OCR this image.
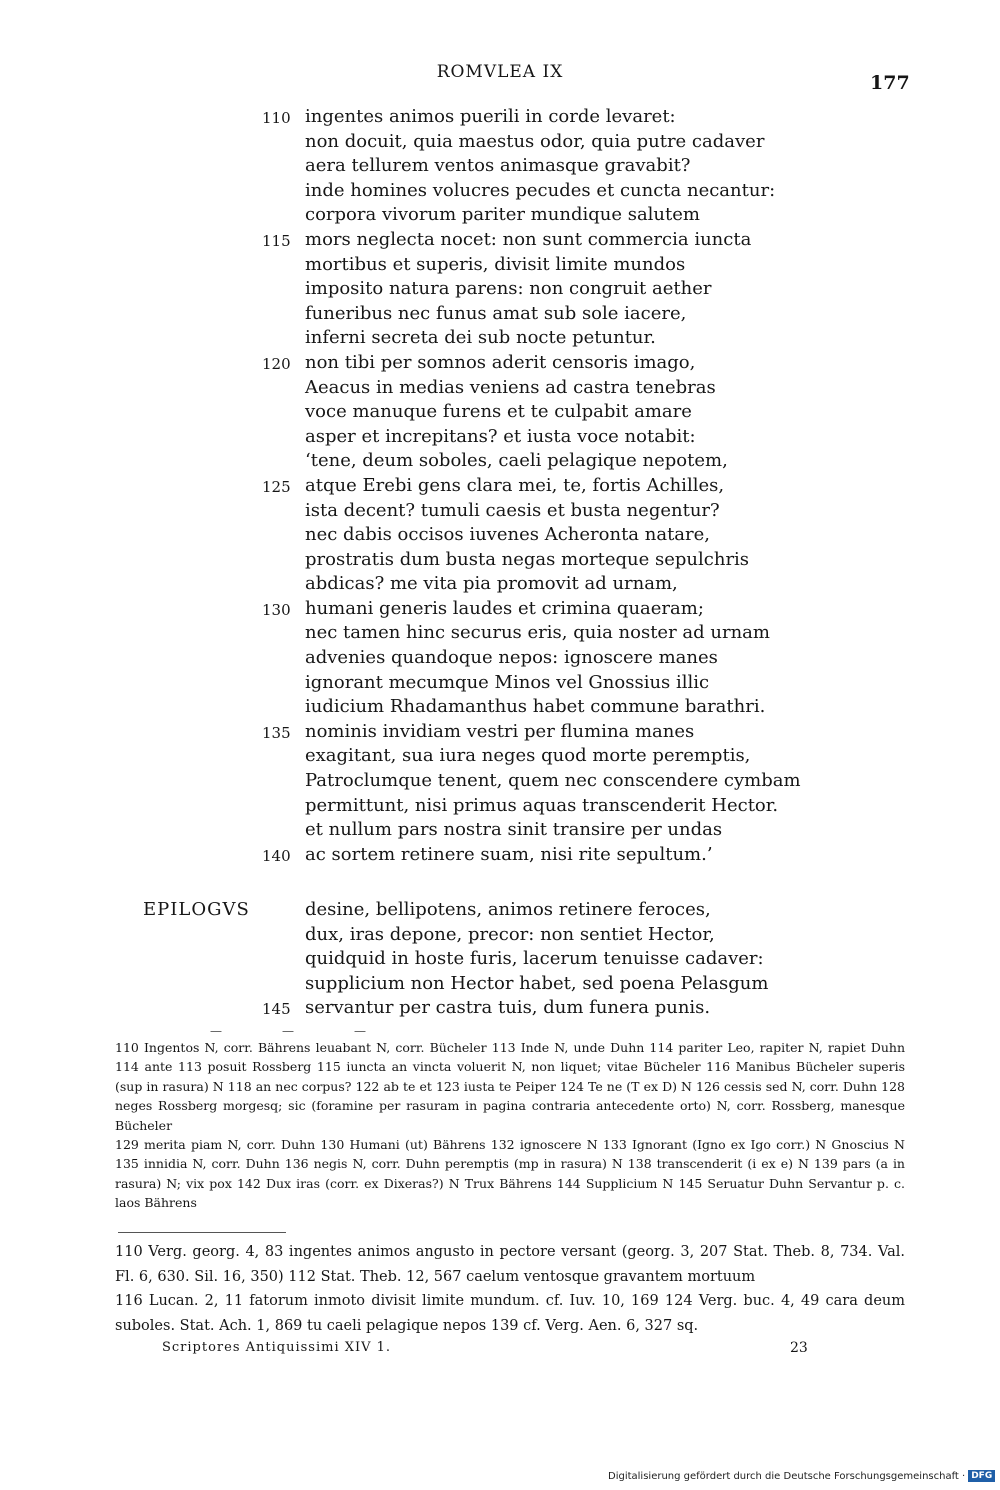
ROMVLEA IX	177
110 ingentes animos puerili in corde levaret:
non docuit, quia maestus odor, quia putre cadaver
aera tellurem ventos animasque gravabit?
inde homines volucres pecudes et cuncta necantur:
corpora vivorum pariter mundique salutem
115 mors neglecta nocet: non sunt commercia iuncta
mortibus et superis, divisit limite mundos
imposito natura parens: non congruit aether
funeribus nec funus amat sub sole iacere,
inferni secreta dei sub nocte petuntur.
120 non tibi per somnos aderit censoris imago,
Aeacus in medias veniens ad castra tenebras
voce manuque furens et te culpabit amare
asper et increpitans? et iusta voce notabit:
‘tene, deum soboles, caeli pelagique nepotem,
125 atque Erebi gens clara mei, te, fortis Achilles,
ista decent? tumuli caesis et busta negentur?
nec dabis occisos iuvenes Acheronta natare,
prostratis dum busta negas morteque sepulchris
abdicas? me vita pia promovit ad urnam,
130 humani generis laudes et crimina quaeram;
nec tamen hinc securus eris, quia noster ad urnam
advenies quandoque nepos: ignoscere manes
ignorant mecumque Minos vel Gnossius illic
iudicium Rhadamanthus habet commune barathri.
135 nominis invidiam vestri per flumina manes
exagitant, sua iura neges quod morte peremptis,
Patroclumque tenent, quem nec conscendere cymbam
permittunt, nisi primus aquas transcenderit Hector.
et nullum pars nostra sinit transire per undas
140 ac sortem retinere suam, nisi rite sepultum.’
EPILOGVS	desine, bellipotens, animos retinere feroces,
dux, iras depone, precor: non sentiet Hector,
quidquid in hoste furis, lacerum tenuisse cadaver:
supplicium non Hector habet, sed poena Pelasgum
145 servantur per castra tuis, dum funera punis.
—	—	—

110 Ingentos N, corr. Bährens leuabant N, corr. Bücheler 113 Inde N, unde Duhn 114 pariter Leo, rapiter N, rapiet Duhn 114 ante 113 posuit Rossberg 115 iuncta an vincta voluerit N, non liquet; vitae Bücheler 116 Manibus Bücheler superis (sup in rasura) N 118 an nec corpus? 122 ab te et 123 iusta te Peiper 124 Te ne (T ex D) N 126 cessis sed N, corr. Duhn 128 neges Rossberg morgesq; sic (foramine per rasuram in pagina contraria antecedente orto) N, corr. Rossberg, manesque Bücheler

129 merita piam N, corr. Duhn 130 Humani (ut) Bährens 132 ignoscere N 133 Ignorant (Igno ex Igo corr.) N Gnoscius N 135 innidia N, corr. Duhn 136 negis N, corr. Duhn peremptis (mp in rasura) N 138 transcenderit (i ex e) N 139 pars (a in rasura) N; vix pox 142 Dux iras (corr. ex Dixeras?) N Trux Bährens 144 Supplicium N 145 Seruatur Duhn Servantur p. c. laos Bährens

110 Verg. georg. 4, 83 ingentes animos angusto in pectore versant (georg. 3, 207 Stat. Theb. 8, 734. Val. Fl. 6, 630. Sil. 16, 350) 112 Stat. Theb. 12, 567 caelum ventosque gravantem mortuum

116 Lucan. 2, 11 fatorum inmoto divisit limite mundum. cf. Iuv. 10, 169 124 Verg. buc. 4, 49 cara deum suboles. Stat. Ach. 1, 869 tu caeli pelagique nepos 139 cf. Verg. Aen. 6, 327 sq.

Scriptores Antiquissimi XIV 1.	23
Digitalisierung gefördert durch die Deutsche Forschungsgemeinschaft · DFG
